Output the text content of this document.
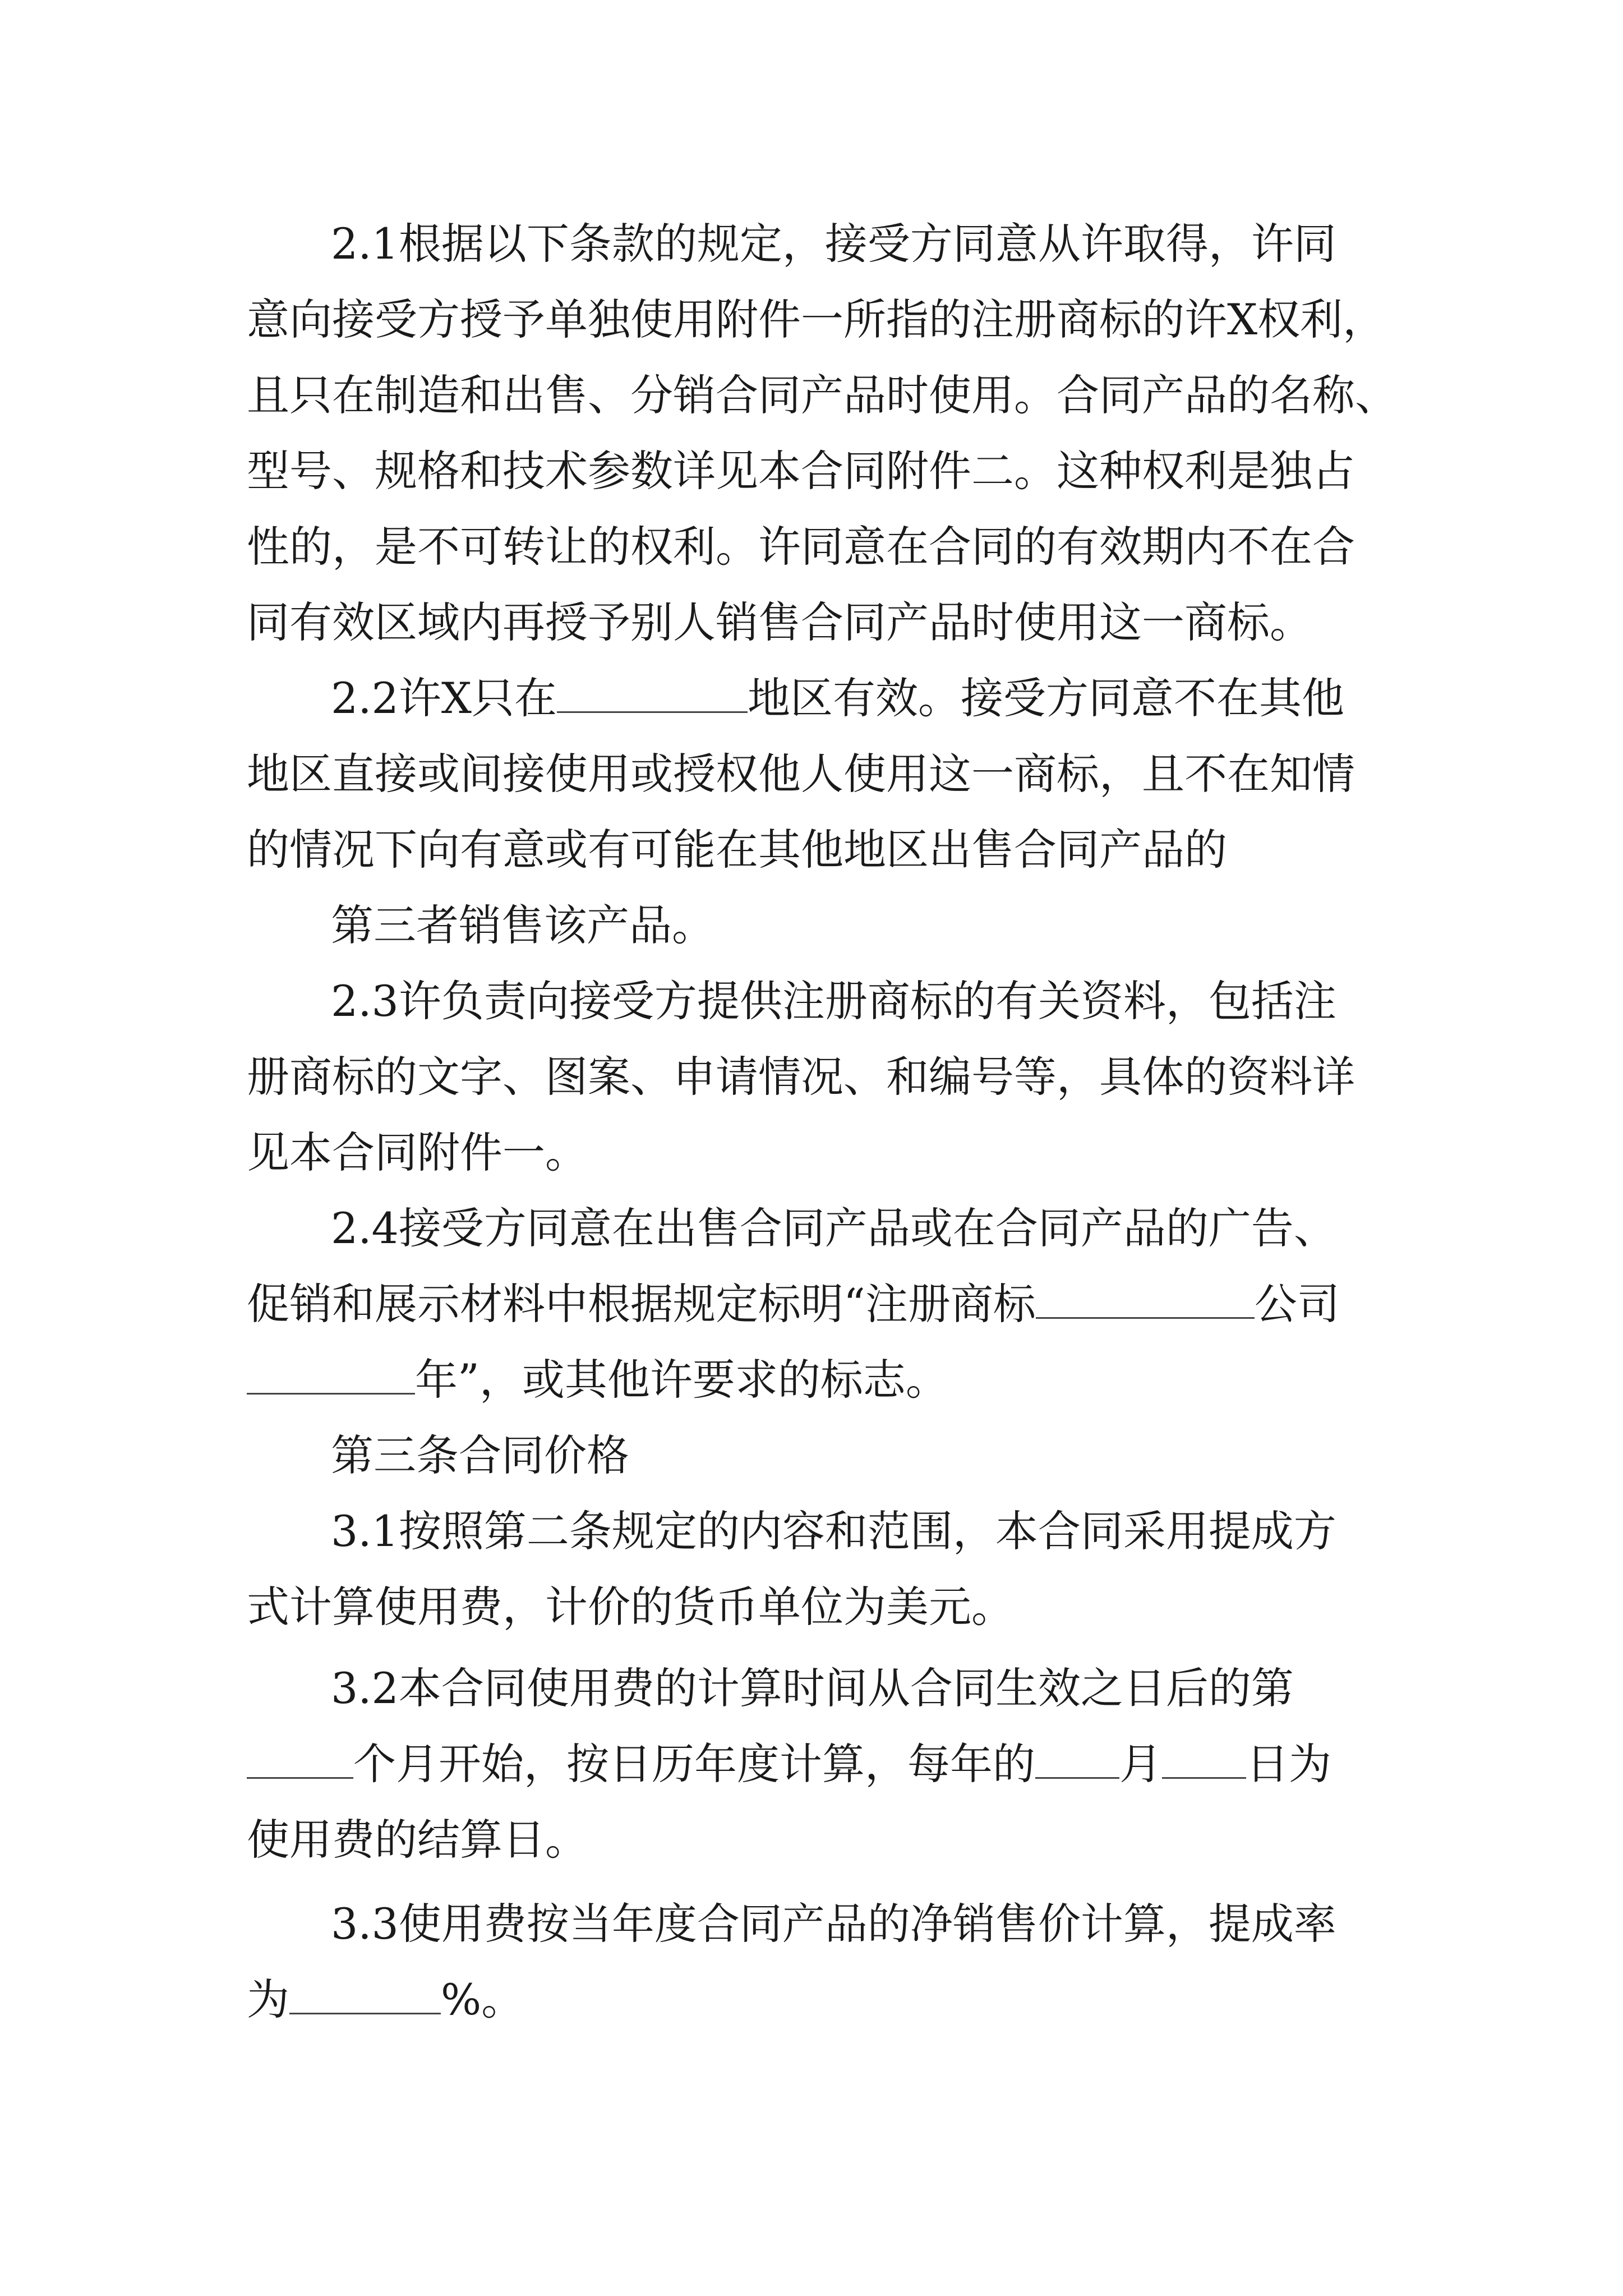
2.1根据以下条款的规定，接受方同意从许取得，许同
意向接受方授予单独使用附件一所指的注册商标的许X权利，
且只在制造和出售、分销合同产品时使用。合同产品的名称、
型号、规格和技术参数详见本合同附件二。这种权利是独占
性的，是不可转让的权利。许同意在合同的有效期内不在合
同有效区域内再授予别人销售合同产品时使用这一商标。
2.2许X只在	地区有效。接受方同意不在其他
地区直接或间接使用或授权他人使用这一商标，且不在知情
的情况下向有意或有可能在其他地区出售合同产品的
第三者销售该产品。
2.3许负责向接受方提供注册商标的有关资料，包括注
册商标的文字、图案、申请情况、和编号等，具体的资料详
见本合同附件一。
2.4接受方同意在出售合同产品或在合同产品的广告、
促销和展示材料中根据规定标明“注册商标	公司
年”，或其他许要求的标志。
第三条合同价格
3.1按照第二条规定的内容和范围，本合同采用提成方
式计算使用费，计价的货币单位为美元。
3.2本合同使用费的计算时间从合同生效之日后的第
个月开始，按日历年度计算，每年的 月 日为
使用费的结算日。
3.3使用费按当年度合同产品的净销售价计算，提成率
为	%。
